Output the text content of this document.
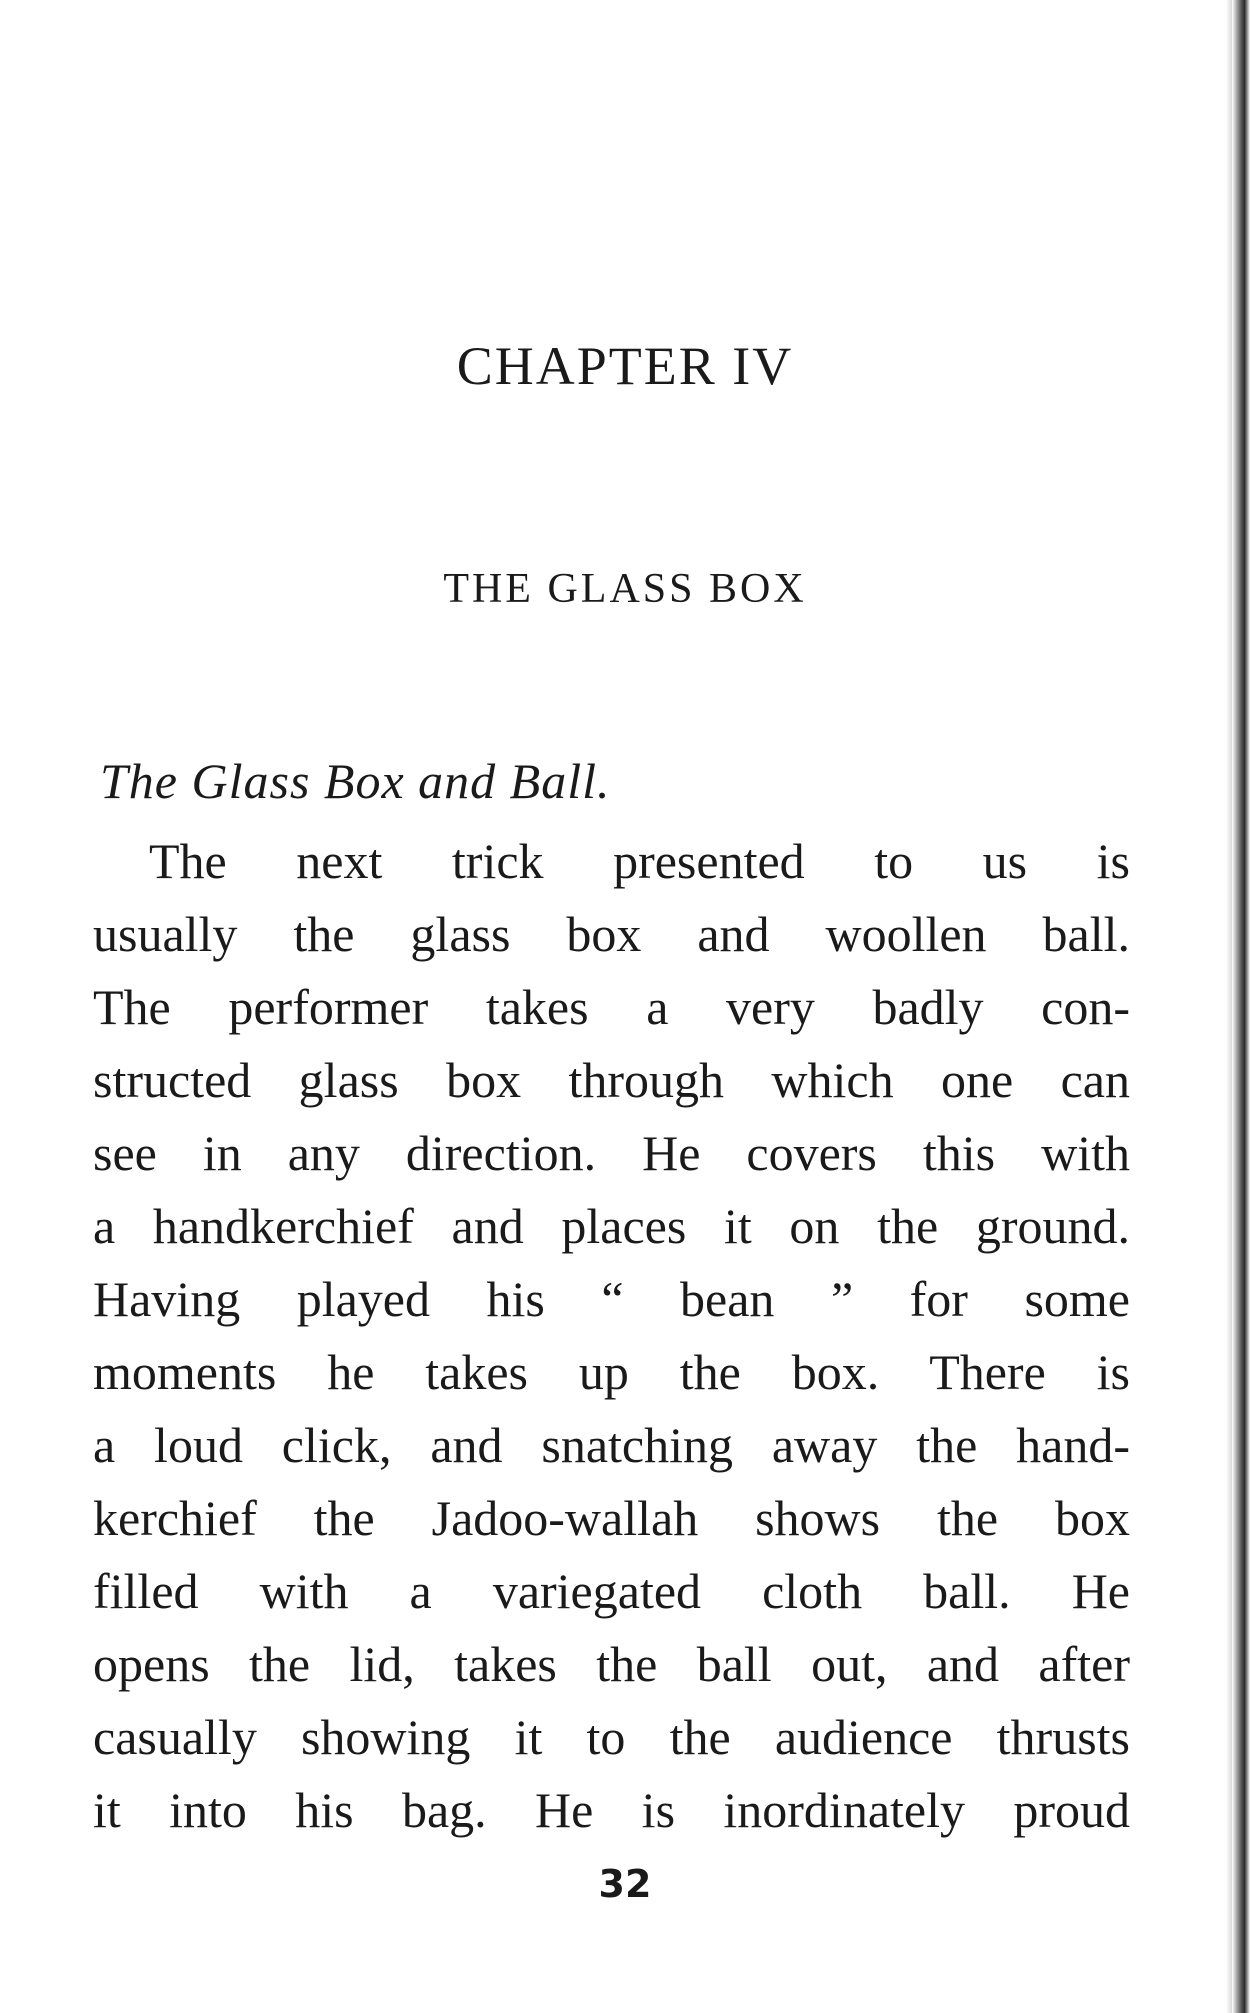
CHAPTER IV
THE GLASS BOX
The Glass Box and Ball.
The next trick presented to us is
usually the glass box and woollen ball.
The performer takes a very badly con-
structed glass box through which one can
see in any direction. He covers this with
a handkerchief and places it on the ground.
Having played his “ bean ” for some
moments he takes up the box. There is
a loud click, and snatching away the hand-
kerchief the Jadoo-wallah shows the box
filled with a variegated cloth ball. He
opens the lid, takes the ball out, and after
casually showing it to the audience thrusts
it into his bag. He is inordinately proud
32
